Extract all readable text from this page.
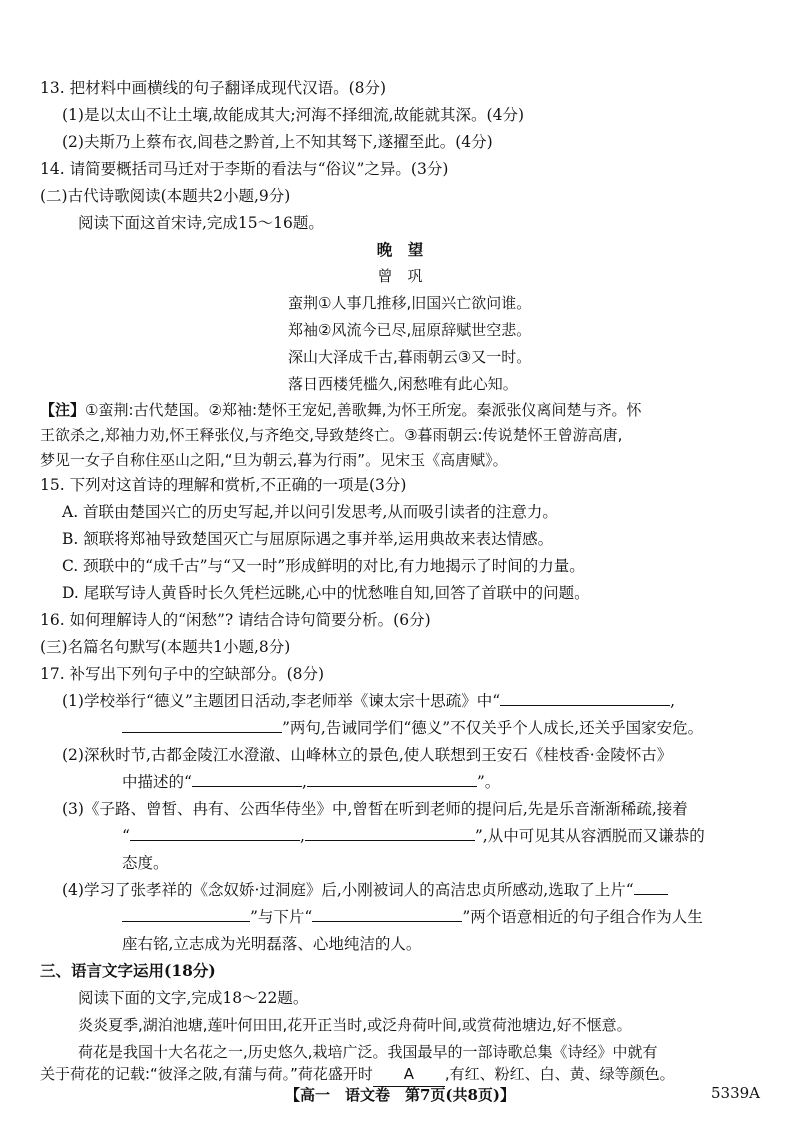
13. 把材料中画横线的句子翻译成现代汉语。(8分)
(1)是以太山不让土壤,故能成其大;河海不择细流,故能就其深。(4分)
(2)夫斯乃上蔡布衣,闾巷之黔首,上不知其驽下,遂擢至此。(4分)
14. 请简要概括司马迁对于李斯的看法与“俗议”之异。(3分)
(二)古代诗歌阅读(本题共2小题,9分)
阅读下面这首宋诗,完成15～16题。
晚　望
曾　巩
蛮荆①人事几推移,旧国兴亡欲问谁。
郑袖②风流今已尽,屈原辞赋世空悲。
深山大泽成千古,暮雨朝云③又一时。
落日西楼凭槛久,闲愁唯有此心知。
【注】①蛮荆:古代楚国。②郑袖:楚怀王宠妃,善歌舞,为怀王所宠。秦派张仪离间楚与齐。怀
王欲杀之,郑袖力劝,怀王释张仪,与齐绝交,导致楚终亡。③暮雨朝云:传说楚怀王曾游高唐,
梦见一女子自称住巫山之阳,“旦为朝云,暮为行雨”。见宋玉《高唐赋》。
15. 下列对这首诗的理解和赏析,不正确的一项是(3分)
A. 首联由楚国兴亡的历史写起,并以问引发思考,从而吸引读者的注意力。
B. 颔联将郑袖导致楚国灭亡与屈原际遇之事并举,运用典故来表达情感。
C. 颈联中的“成千古”与“又一时”形成鲜明的对比,有力地揭示了时间的力量。
D. 尾联写诗人黄昏时长久凭栏远眺,心中的忧愁唯自知,回答了首联中的问题。
16. 如何理解诗人的“闲愁”? 请结合诗句简要分析。(6分)
(三)名篇名句默写(本题共1小题,8分)
17. 补写出下列句子中的空缺部分。(8分)
(1)学校举行“德义”主题团日活动,李老师举《谏太宗十思疏》中“	,
”两句,告诫同学们“德义”不仅关乎个人成长,还关乎国家安危。
(2)深秋时节,古都金陵江水澄澈、山峰林立的景色,使人联想到王安石《桂枝香·金陵怀古》
中描述的“	,	”。
(3)《子路、曾皙、冉有、公西华侍坐》中,曾皙在听到老师的提问后,先是乐音渐渐稀疏,接着
“	,	”,从中可见其从容洒脱而又谦恭的
态度。
(4)学习了张孝祥的《念奴娇·过洞庭》后,小刚被词人的高洁忠贞所感动,选取了上片“
”与下片“	”两个语意相近的句子组合作为人生
座右铭,立志成为光明磊落、心地纯洁的人。
三、语言文字运用(18分)
阅读下面的文字,完成18～22题。
炎炎夏季,湖泊池塘,莲叶何田田,花开正当时,或泛舟荷叶间,或赏荷池塘边,好不惬意。
荷花是我国十大名花之一,历史悠久,栽培广泛。我国最早的一部诗歌总集《诗经》中就有
关于荷花的记载:“彼泽之陂,有蒲与荷。”荷花盛开时 A ,有红、粉红、白、黄、绿等颜色。
【高一　语文卷　第7页(共8页)】	5339A
